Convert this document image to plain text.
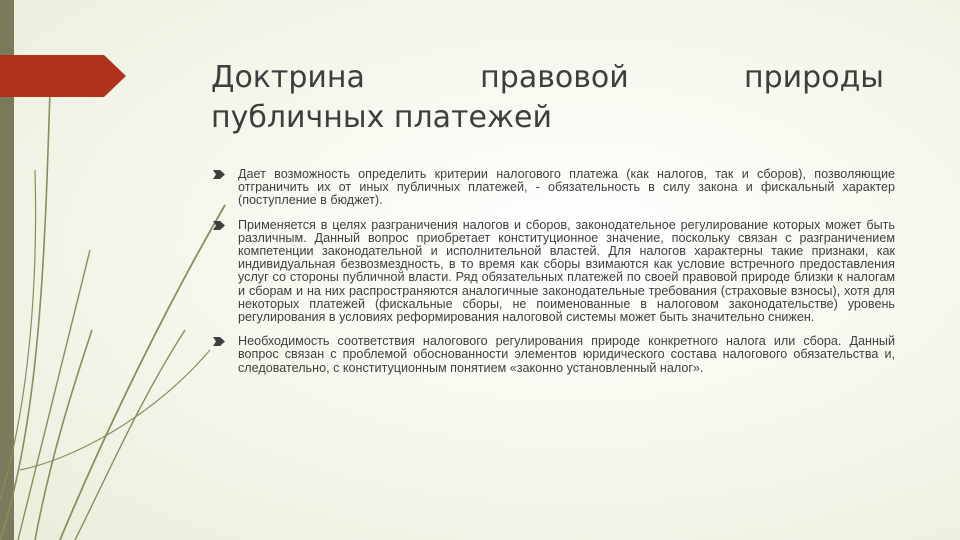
Доктрина	правовой	природы
публичных платежей
Дает возможность определить критерии налогового платежа (как налогов, так и сборов), позволяющие отграничить их от иных публичных платежей, - обязательность в силу закона и фискальный характер (поступление в бюджет).
Применяется в целях разграничения налогов и сборов, законодательное регулирование которых может быть различным. Данный вопрос приобретает конституционное значение, поскольку связан с разграничением компетенции законодательной и исполнительной властей. Для налогов характерны такие признаки, как индивидуальная безвозмездность, в то время как сборы взимаются как условие встречного предоставления услуг со стороны публичной власти. Ряд обязательных платежей по своей правовой природе близки к налогам и сборам и на них распространяются аналогичные законодательные требования (страховые взносы), хотя для некоторых платежей (фискальные сборы, не поименованные в налоговом законодательстве) уровень регулирования в условиях реформирования налоговой системы может быть значительно снижен.
Необходимость соответствия налогового регулирования природе конкретного налога или сбора. Данный вопрос связан с проблемой обоснованности элементов юридического состава налогового обязательства и, следовательно, с конституционным понятием «законно установленный налог».
